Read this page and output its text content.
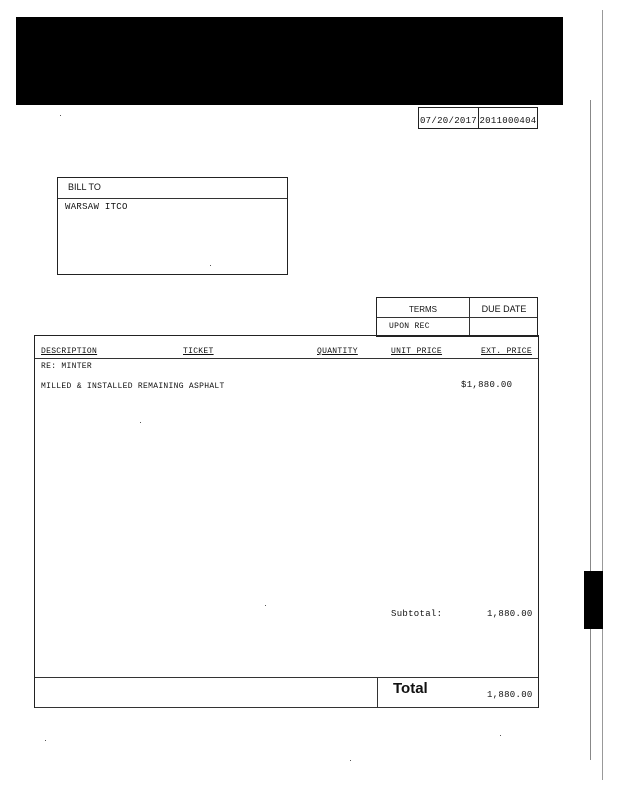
07/20/2017 2011000404
BILL TO
WARSAW ITCO
TERMS	DUE DATE
UPON REC
DESCRIPTION	TICKET	QUANTITY	UNIT PRICE	EXT. PRICE
RE: MINTER
MILLED & INSTALLED REMAINING ASPHALT	$1,880.00
Subtotal:	1,880.00
Total	1,880.00
